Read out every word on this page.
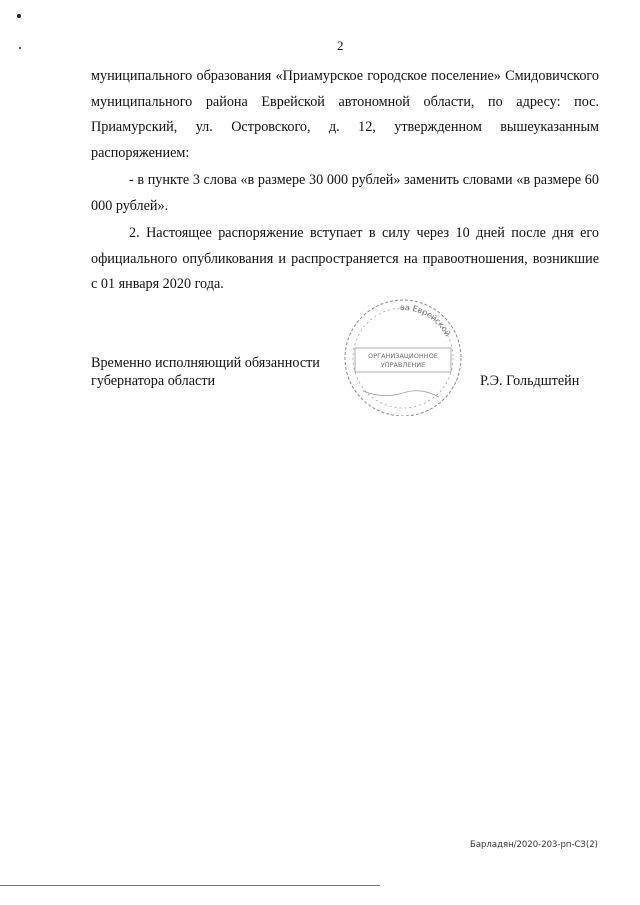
2

муниципального образования «Приамурское городское поселение» Смидовичского муниципального района Еврейской автономной области, по адресу: пос. Приамурский, ул. Островского, д. 12, утвержденном вышеуказанным распоряжением:

- в пункте 3 слова «в размере 30 000 рублей» заменить словами «в размере 60 000 рублей».

2. Настоящее распоряжение вступает в силу через 10 дней после дня его официального опубликования и распространяется на правоотношения, возникшие с 01 января 2020 года.

Временно исполняющий обязанности
губернатора области
ва Еврейской
ОРГАНИЗАЦИОННОЕ
УПРАВЛЕНИЕ
Р.Э. Гольдштейн
Барладян/2020-203-рп-СЗ(2)
